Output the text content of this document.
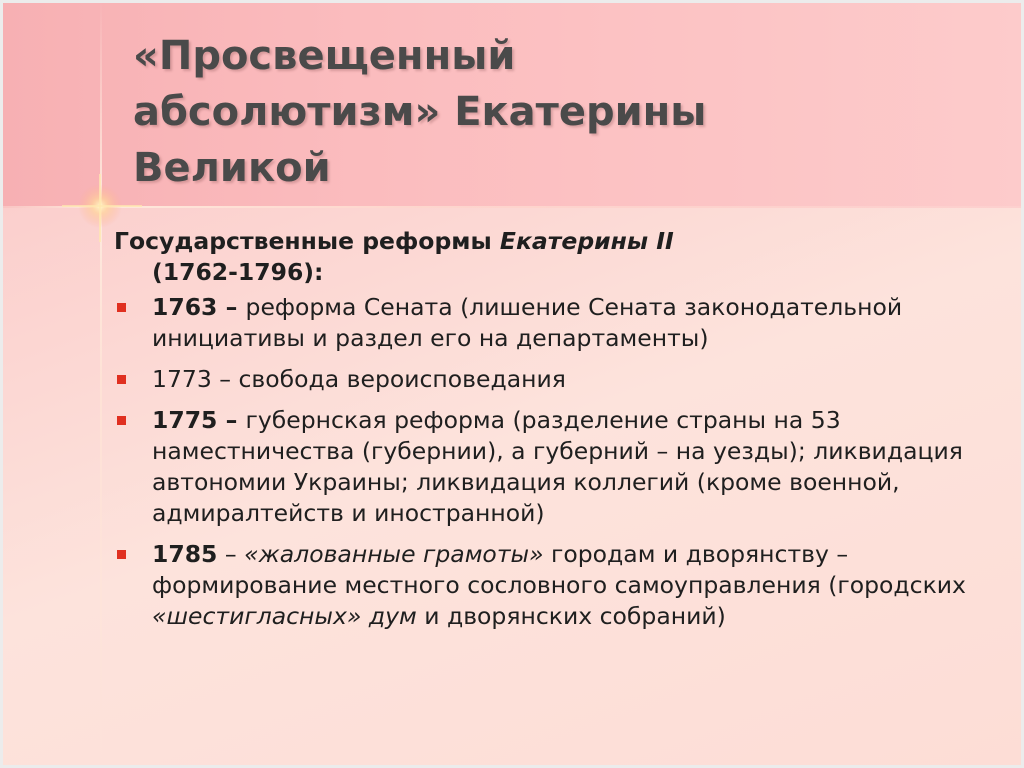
«Просвещенный
абсолютизм» Екатерины
Великой

Государственные реформы Екатерины II
(1762-1796):

1763 – реформа Сената (лишение Сената законодательной инициативы и раздел его на департаменты)
1773 – свобода вероисповедания
1775 – губернская реформа (разделение страны на 53 наместничества (губернии), а губерний – на уезды); ликвидация автономии Украины; ликвидация коллегий (кроме военной, адмиралтейств и иностранной)
1785 – «жалованные грамоты» городам и дворянству – формирование местного сословного самоуправления (городских «шестигласных» дум и дворянских собраний)
